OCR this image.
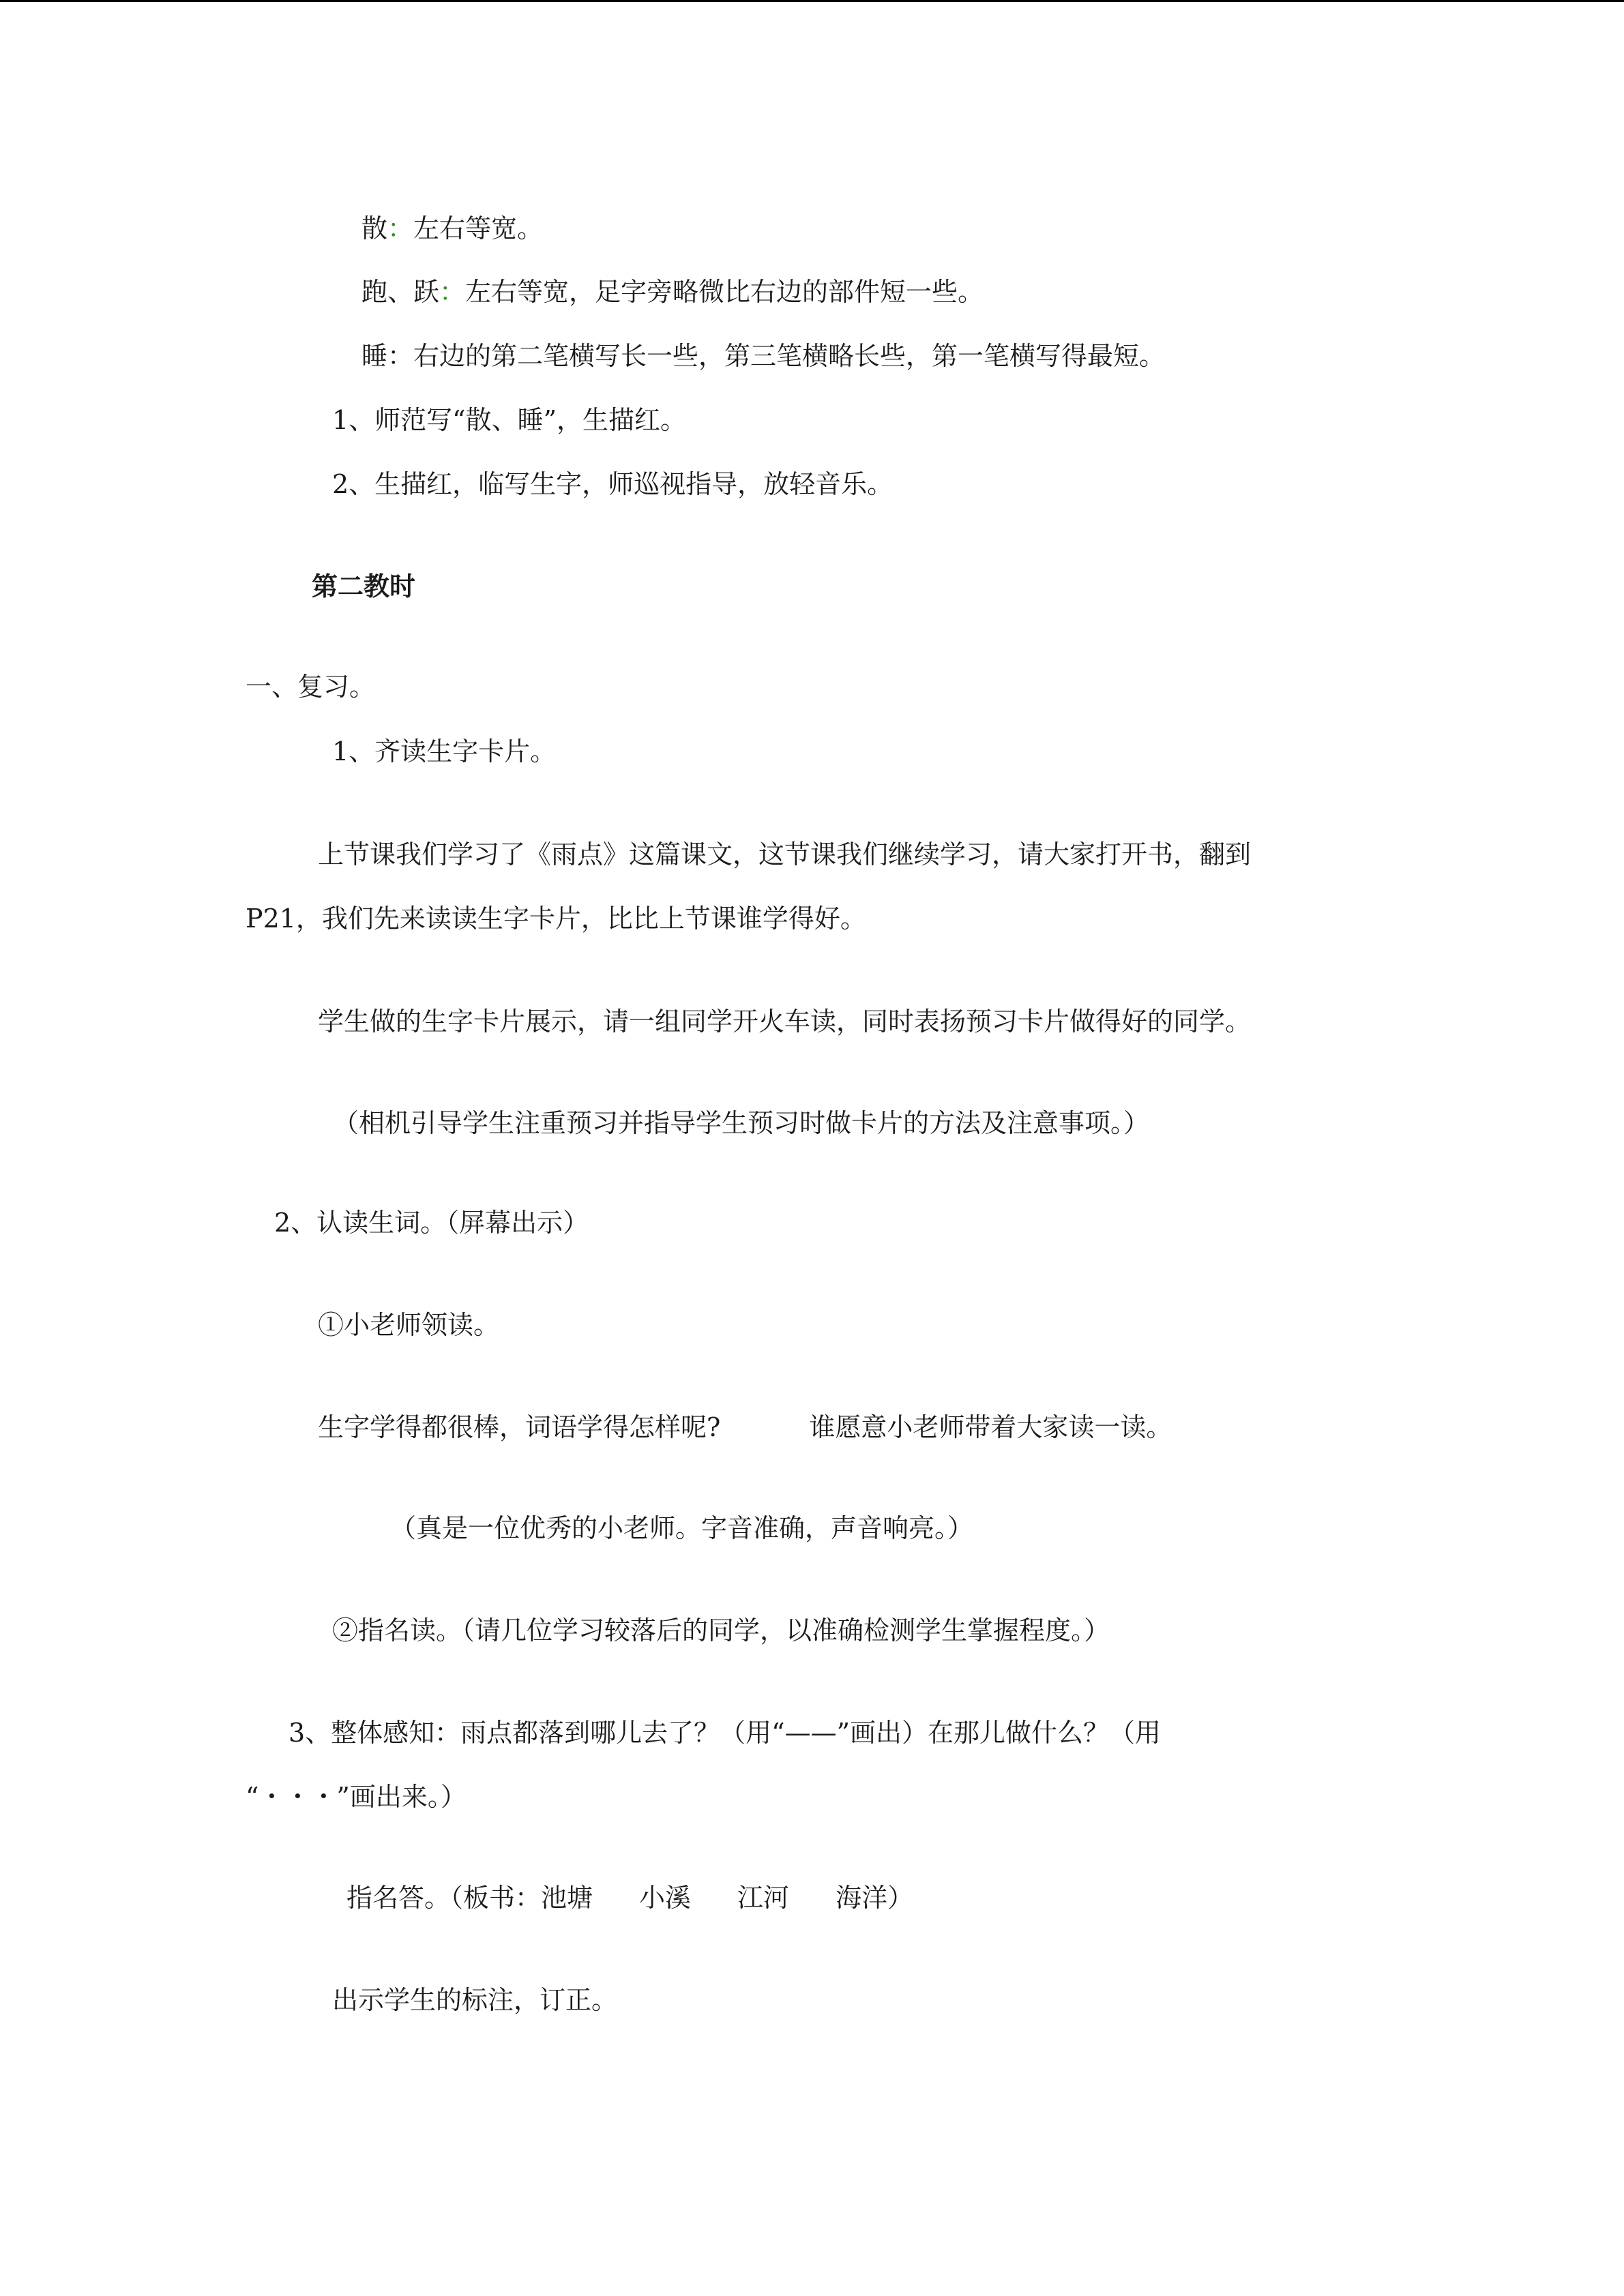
散：左右等宽。
跑、跃：左右等宽，足字旁略微比右边的部件短一些。
睡：右边的第二笔横写长一些，第三笔横略长些，第一笔横写得最短。
1、师范写“散、睡”，生描红。
2、生描红，临写生字，师巡视指导，放轻音乐。
第二教时
一、复习。
1、齐读生字卡片。
上节课我们学习了《雨点》这篇课文，这节课我们继续学习，请大家打开书，翻到
P21，我们先来读读生字卡片，比比上节课谁学得好。
学生做的生字卡片展示，请一组同学开火车读，同时表扬预习卡片做得好的同学。
（相机引导学生注重预习并指导学生预习时做卡片的方法及注意事项。）
2、认读生词。（屏幕出示）
①小老师领读。
生字学得都很棒，词语学得怎样呢?	谁愿意小老师带着大家读一读。
（真是一位优秀的小老师。字音准确，声音响亮。）
②指名读。（请几位学习较落后的同学，以准确检测学生掌握程度。）
3、整体感知：雨点都落到哪儿去了？（用“——”画出）在那儿做什么？（用
“・・・”画出来。）
指名答。（板书：池塘 小溪 江河 海洋）
出示学生的标注，订正。
